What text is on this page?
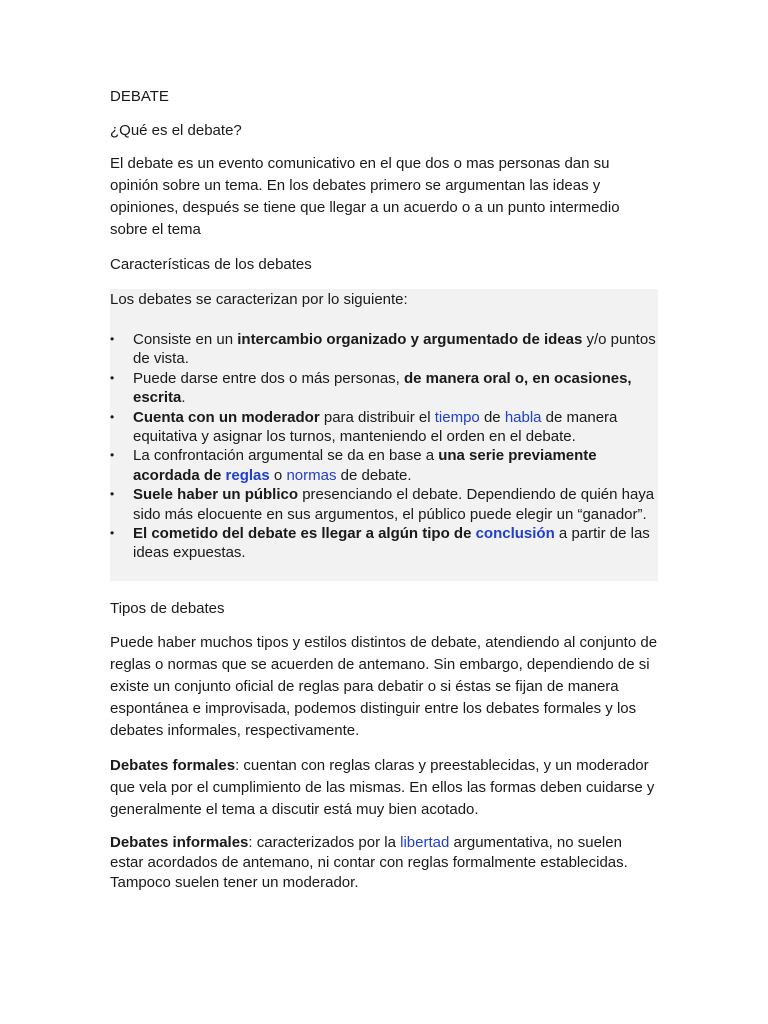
DEBATE

¿Qué es el debate?

El debate es un evento comunicativo en el que dos o mas personas dan su opinión sobre un tema. En los debates primero se argumentan las ideas y opiniones, después se tiene que llegar a un acuerdo o a un punto intermedio sobre el tema

Características de los debates

Los debates se caracterizan por lo siguiente:

• Consiste en un intercambio organizado y argumentado de ideas y/o puntos de vista.
• Puede darse entre dos o más personas, de manera oral o, en ocasiones, escrita.
• Cuenta con un moderador para distribuir el tiempo de habla de manera equitativa y asignar los turnos, manteniendo el orden en el debate.
• La confrontación argumental se da en base a una serie previamente acordada de reglas o normas de debate.
• Suele haber un público presenciando el debate. Dependiendo de quién haya sido más elocuente en sus argumentos, el público puede elegir un “ganador”.
• El cometido del debate es llegar a algún tipo de conclusión a partir de las ideas expuestas.

Tipos de debates

Puede haber muchos tipos y estilos distintos de debate, atendiendo al conjunto de reglas o normas que se acuerden de antemano. Sin embargo, dependiendo de si existe un conjunto oficial de reglas para debatir o si éstas se fijan de manera espontánea e improvisada, podemos distinguir entre los debates formales y los debates informales, respectivamente.

Debates formales: cuentan con reglas claras y preestablecidas, y un moderador que vela por el cumplimiento de las mismas. En ellos las formas deben cuidarse y generalmente el tema a discutir está muy bien acotado.

Debates informales: caracterizados por la libertad argumentativa, no suelen estar acordados de antemano, ni contar con reglas formalmente establecidas. Tampoco suelen tener un moderador.
